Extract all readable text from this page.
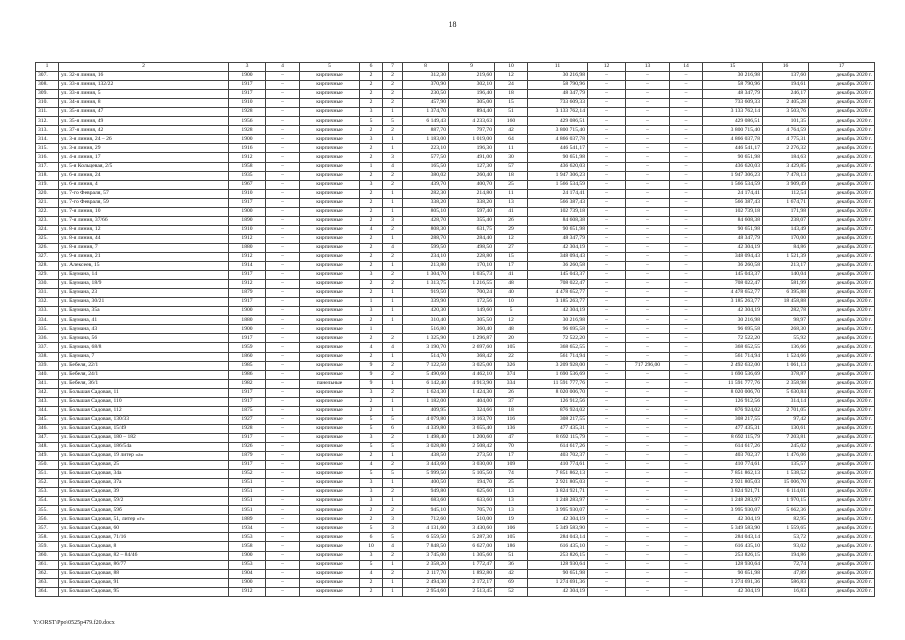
18
1	2	3	4	5	6	7	8	9	10	11	12	13	14	15	16	17
307.	ул. 32-я линия, 16	1900	–	кирпичные	2	2	312,30	219,60	12	30 216,98	–	–	–	30 216,98	137,60	декабрь 2020 г.
308.	ул. 33-я линия, 132/22	1917	–	кирпичные	2	2	370,90	302,10	24	58 790,96	–	–	–	58 790,96	194,61	декабрь 2020 г.
309.	ул. 33-я линия, 5	1917	–	кирпичные	2	2	230,50	196,40	18	48 347,79	–	–	–	48 347,79	246,17	декабрь 2020 г.
310.	ул. 34-я линия, 8	1910	–	кирпичные	2	2	457,90	305,00	15	733 609,33	–	–	–	733 609,33	2 405,28	декабрь 2020 г.
311.	ул. 35-я линия, 47	1928	–	кирпичные	3	1	1 374,70	894,40	51	3 133 762,14	–	–	–	3 133 762,14	3 503,76	декабрь 2020 г.
312.	ул. 35-я линия, 49	1956	–	кирпичные	5	5	6 149,43	4 233,63	160	429 086,51	–	–	–	429 086,51	101,35	декабрь 2020 г.
313.	ул. 37-я линия, 42	1928	–	кирпичные	2	2	887,70	797,70	42	3 800 715,40	–	–	–	3 800 715,40	4 764,59	декабрь 2020 г.
314.	ул. 3-я линия, 24 – 26	1900	–	кирпичные	3	1	1 183,00	1 019,00	64	4 866 037,78	–	–	–	4 866 037,78	4 775,31	декабрь 2020 г.
315.	ул. 3-я линия, 29	1916	–	кирпичные	2	1	223,10	196,30	11	446 541,17	–	–	–	446 541,17	2 276,32	декабрь 2020 г.
316.	ул. 4-я линия, 17	1912	–	кирпичные	2	3	577,50	491,00	30	90 651,98	–	–	–	90 651,98	184,63	декабрь 2020 г.
317.	ул. 5-я Кольцевая, 2/5	1958	–	кирпичные	1	4	165,50	127,30	57	436 620,03	–	–	–	436 620,03	3 429,85	декабрь 2020 г.
318.	ул. 6-я линия, 24	1935	–	кирпичные	2	2	380,02	260,40	18	1 947 306,23	–	–	–	1 947 306,23	7 478,13	декабрь 2020 г.
319.	ул. 6-я линия, 4	1967	–	кирпичные	3	2	439,70	400,70	25	1 566 534,59	–	–	–	1 566 534,59	3 909,49	декабрь 2020 г.
320.	ул. 7-го Февраля, 57	1910	–	кирпичные	2	1	282,30	214,80	11	24 174,41	–	–	–	24 174,41	112,54	декабрь 2020 г.
321.	ул. 7-го Февраля, 59	1917	–	кирпичные	2	1	338,20	338,20	13	566 387,43	–	–	–	566 387,43	1 674,71	декабрь 2020 г.
322.	ул. 7-я линия, 10	1900	–	кирпичные	2	1	805,10	597,40	41	102 739,18	–	–	–	102 739,18	171,98	декабрь 2020 г.
323.	ул. 7-я линия, 37/66	1890	–	кирпичные	2	3	428,70	355,40	26	84 608,38	–	–	–	84 608,38	238,07	декабрь 2020 г.
324.	ул. 8-я линия, 12	1910	–	кирпичные	4	2	808,30	631,75	29	90 651,98	–	–	–	90 651,98	143,49	декабрь 2020 г.
325.	ул. 8-я линия, 44	1912	–	кирпичные	2	1	288,70	284,40	12	48 347,79	–	–	–	48 347,79	170,00	декабрь 2020 г.
326.	ул. 8-я линия, 7	1880	–	кирпичные	2	4	599,50	498,50	27	42 304,19	–	–	–	42 304,19	84,86	декабрь 2020 г.
327.	ул. 9-я линия, 21	1912	–	кирпичные	2	2	234,10	228,80	15	348 094,43	–	–	–	348 094,43	1 521,39	декабрь 2020 г.
328.	ул. Алексеев, 15	1914	–	кирпичные	2	1	213,80	170,10	17	36 260,58	–	–	–	36 260,58	213,17	декабрь 2020 г.
329.	ул. Баумана, 14	1917	–	кирпичные	3	2	1 304,70	1 035,73	41	145 043,37	–	–	–	145 043,37	140,04	декабрь 2020 г.
330.	ул. Баумана, 18/9	1912	–	кирпичные	2	2	1 313,75	1 216,55	48	708 022,47	–	–	–	708 022,47	581,99	декабрь 2020 г.
331.	ул. Баумана, 23	1879	–	кирпичные	2	1	919,50	700,24	40	4 478 652,77	–	–	–	4 478 652,77	6 395,88	декабрь 2020 г.
332.	ул. Баумана, 30/21	1917	–	кирпичные	1	1	339,90	172,56	10	3 185 263,77	–	–	–	3 185 263,77	18 458,88	декабрь 2020 г.
333.	ул. Баумана, 35а	1900	–	кирпичные	3	1	420,30	149,60	5	42 304,19	–	–	–	42 304,19	282,78	декабрь 2020 г.
334.	ул. Баумана, 41	1880	–	кирпичные	2	1	310,40	305,50	12	30 216,98	–	–	–	30 216,98	98,97	декабрь 2020 г.
335.	ул. Баумана, 43	1900	–	кирпичные	1		516,80	360,40	48	96 695,58	–	–	–	96 695,58	268,30	декабрь 2020 г.
336.	ул. Баумана, 56	1917	–	кирпичные	2	2	1 325,90	1 296,87	20	72 522,20	–	–	–	72 522,20	55,92	декабрь 2020 г.
337.	ул. Баумана, 68/8	1959	–	кирпичные	4	4	3 190,70	2 697,60	105	368 652,55	–	–	–	368 652,55	136,66	декабрь 2020 г.
338.	ул. Баумана, 7	1860	–	кирпичные	2	1	514,70	368,42	22	561 714,94	–	–	–	561 714,94	1 524,66	декабрь 2020 г.
339.	ул. Бебеля, 22/1	1985	–	кирпичные	9	2	7 122,50	3 025,00	326	3 209 928,00	–	717 296,00	–	2 492 632,00	1 061,13	декабрь 2020 г.
340.	ул. Бебеля, 24/1	1986	–	кирпичные	9	2	5 490,60	4 462,10	374	1 690 536,69	–	–	–	1 690 536,69	378,87	декабрь 2020 г.
341.	ул. Бебеля, 36/1	1982	–	панельные	9	1	6 142,40	4 913,90	334	11 591 777,76	–	–	–	11 591 777,76	2 358,98	декабрь 2020 г.
342.	ул. Большая Садовая, 11	1917	–	кирпичные	3	2	1 624,30	1 424,30	26	8 020 006,70	–	–	–	8 020 006,70	5 630,84	декабрь 2020 г.
343.	ул. Большая Садовая, 110	1917	–	кирпичные	2	1	1 182,00	404,00	37	126 912,56	–	–	–	126 912,56	314,14	декабрь 2020 г.
344.	ул. Большая Садовая, 112	1875	–	кирпичные	2	1	409,95	324,66	18	876 924,02	–	–	–	876 924,02	2 701,05	декабрь 2020 г.
345.	ул. Большая Садовая, 130/33	1927	–	кирпичные	5	5	4 079,80	3 163,70	116	308 217,55	–	–	–	308 217,55	97,42	декабрь 2020 г.
346.	ул. Большая Садовая, 15/49	1928	–	кирпичные	5	6	4 339,80	3 655,40	136	477 435,31	–	–	–	477 435,31	130,61	декабрь 2020 г.
347.	ул. Большая Садовая, 180 – 182	1917	–	кирпичные	3	2	1 498,40	1 200,60	47	8 692 115,79	–	–	–	8 692 115,79	7 203,81	декабрь 2020 г.
348.	ул. Большая Садовая, 186/54а	1926	–	кирпичные	5	5	3 028,80	2 508,42	70	614 617,26	–	–	–	614 617,26	245,02	декабрь 2020 г.
349.	ул. Большая Садовая, 19 литер «а»	1879	–	кирпичные	2	1	438,50	273,50	17	403 702,37	–	–	–	403 702,37	1 476,06	декабрь 2020 г.
350.	ул. Большая Садовая, 25	1917	–	кирпичные	4	2	3 443,60	3 030,00	109	410 774,61	–	–	–	410 774,61	135,57	декабрь 2020 г.
351.	ул. Большая Садовая, 34а	1952	–	кирпичные	5	5	5 999,50	5 105,50	74	7 851 862,13	–	–	–	7 851 862,13	1 538,52	декабрь 2020 г.
352.	ул. Большая Садовая, 37а	1951	–	кирпичные	3	1	400,50	194,70	25	2 921 805,03	–	–	–	2 921 805,03	15 006,70	декабрь 2020 г.
353.	ул. Большая Садовая, 39	1951	–	кирпичные	3	2	949,80	625,60	13	3 824 921,71	–	–	–	3 824 921,71	6 114,01	декабрь 2020 г.
354.	ул. Большая Садовая, 59/2	1951	–	кирпичные	3	1	683,60	633,60	13	1 248 283,97	–	–	–	1 248 283,97	1 970,15	декабрь 2020 г.
355.	ул. Большая Садовая, 59б	1951	–	кирпичные	2	2	945,10	705,70	13	3 995 930,07	–	–	–	3 995 930,07	5 662,36	декабрь 2020 г.
356.	ул. Большая Садовая, 51, литер «г»	1889	–	кирпичные	2	3	712,60	510,00	19	42 304,19	–	–	–	42 304,19	82,95	декабрь 2020 г.
357.	ул. Большая Садовая, 60	1934	–	кирпичные	5	3	4 131,60	3 430,60	106	5 349 583,90	–	–	–	5 349 583,90	1 559,65	декабрь 2020 г.
358.	ул. Большая Садовая, 71/16	1953	–	кирпичные	6	5	6 559,50	5 287,30	105	284 043,14	–	–	–	284 043,14	53,72	декабрь 2020 г.
359.	ул. Большая Садовая, 8	1958	–	кирпичные	10	4	7 848,50	6 627,00	186	616 435,10	–	–	–	616 435,10	93,02	декабрь 2020 г.
360.	ул. Большая Садовая, 82 – 84/46	1900	–	кирпичные	3	2	3 745,00	1 305,60	51	253 826,15	–	–	–	253 826,15	194,86	декабрь 2020 г.
361.	ул. Большая Садовая, 86/77	1953	–	кирпичные	5	1	2 358,20	1 772,47	36	128 930,64	–	–	–	128 930,64	72,74	декабрь 2020 г.
362.	ул. Большая Садовая, 88	1904	–	кирпичные	4	2	2 117,70	1 892,80	42	90 651,98	–	–	–	90 651,98	47,89	декабрь 2020 г.
363.	ул. Большая Садовая, 91	1900	–	кирпичные	2	1	2 494,30	2 172,17	69	1 274 691,36	–	–	–	1 274 691,36	586,83	декабрь 2020 г.
364.	ул. Большая Садовая, 95	1912	–	кирпичные	2	1	2 954,60	2 513,45	52	42 304,19	–	–	–	42 304,19	16,83	декабрь 2020 г.
Y:\ORST\Ppo\0525p479.f20.docx
